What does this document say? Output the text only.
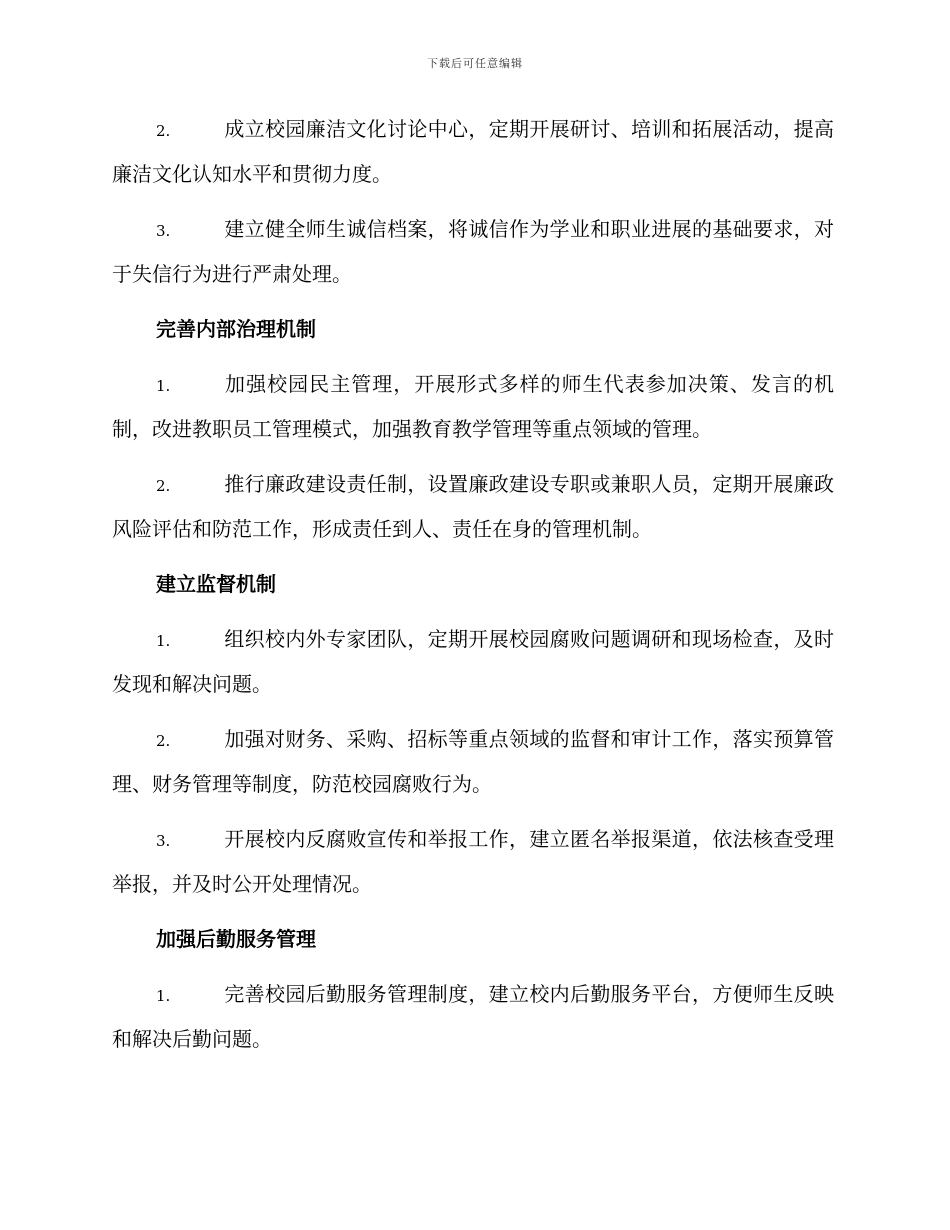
下载后可任意编辑

2.	成立校园廉洁文化讨论中心，定期开展研讨、培训和拓展活动，提高廉洁文化认知水平和贯彻力度。

3.	建立健全师生诚信档案，将诚信作为学业和职业进展的基础要求，对于失信行为进行严肃处理。

完善内部治理机制

1.	加强校园民主管理，开展形式多样的师生代表参加决策、发言的机制，改进教职员工管理模式，加强教育教学管理等重点领域的管理。

2.	推行廉政建设责任制，设置廉政建设专职或兼职人员，定期开展廉政风险评估和防范工作，形成责任到人、责任在身的管理机制。

建立监督机制

1.	组织校内外专家团队，定期开展校园腐败问题调研和现场检查，及时发现和解决问题。

2.	加强对财务、采购、招标等重点领域的监督和审计工作，落实预算管理、财务管理等制度，防范校园腐败行为。

3.	开展校内反腐败宣传和举报工作，建立匿名举报渠道，依法核查受理举报，并及时公开处理情况。

加强后勤服务管理

1.	完善校园后勤服务管理制度，建立校内后勤服务平台，方便师生反映和解决后勤问题。
